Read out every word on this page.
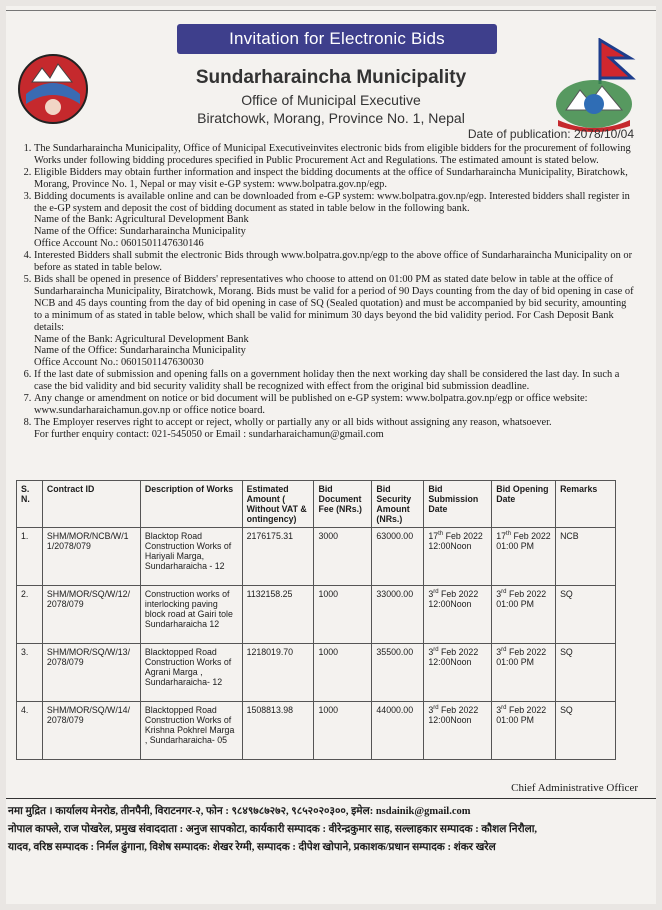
Invitation for Electronic Bids
Sundarharaincha Municipality
Office of Municipal Executive
Biratchowk, Morang, Province No. 1, Nepal
Date of publication: 2078/10/04
1. The Sundarharaincha Municipality, Office of Municipal Executiveinvites electronic bids from eligible bidders for the procurement of following Works under following bidding procedures specified in Public Procurement Act and Regulations. The estimated amount is stated below.
2. Eligible Bidders may obtain further information and inspect the bidding documents at the office of Sundarharaincha Municipality, Biratchowk, Morang, Province No. 1, Nepal or may visit e-GP system: www.bolpatra.gov.np/egp.
3. Bidding documents is available online and can be downloaded from e-GP system: www.bolpatra.gov.np/egp. Interested bidders shall register in the e-GP system and deposit the cost of bidding document as stated in table below in the following bank.
Name of the Bank: Agricultural Development Bank
Name of the Office: Sundarharaincha Municipality
Office Account No.: 0601501147630146
4. Interested Bidders shall submit the electronic Bids through www.bolpatra.gov.np/egp to the above office of Sundarharaincha Municipality on or before as stated in table below.
5. Bids shall be opened in presence of Bidders' representatives who choose to attend on 01:00 PM as stated date below in table at the office of Sundarharaincha Municipality, Biratchowk, Morang. Bids must be valid for a period of 90 Days counting from the day of bid opening in case of NCB and 45 days counting from the day of bid opening in case of SQ (Sealed quotation) and must be accompanied by bid security, amounting to a minimum of as stated in table below, which shall be valid for minimum 30 days beyond the bid validity period. For Cash Deposit Bank details:
Name of the Bank: Agricultural Development Bank
Name of the Office: Sundarharaincha Municipality
Office Account No.: 0601501147630030
6. If the last date of submission and opening falls on a government holiday then the next working day shall be considered the last day. In such a case the bid validity and bid security validity shall be recognized with effect from the original bid submission deadline.
7. Any change or amendment on notice or bid document will be published on e-GP system: www.bolpatra.gov.np/egp or office website: www.sundarharaichamun.gov.np or office notice board.
8. The Employer reserves right to accept or reject, wholly or partially any or all bids without assigning any reason, whatsoever.
For further enquiry contact: 021-545050 or Email : sundarharaichamun@gmail.com
S. N.	Contract ID	Description of Works	Estimated Amount ( Without VAT & ontingency)	Bid Document Fee (NRs.)	Bid Security Amount (NRs.)	Bid Submission Date	Bid Opening Date	Remarks
1.	SHM/MOR/NCB/W/1 1/2078/079	Blacktop Road Construction Works of Hariyali Marga, Sundarharaicha - 12	2176175.31	3000	63000.00	17th Feb 2022 12:00Noon	17th Feb 2022 01:00 PM	NCB
2.	SHM/MOR/SQ/W/12/ 2078/079	Construction works of interlocking paving block road at Gairi tole Sundarharaicha 12	1132158.25	1000	33000.00	3rd Feb 2022 12:00Noon	3rd Feb 2022 01:00 PM	SQ
3.	SHM/MOR/SQ/W/13/ 2078/079	Blacktopped Road Construction Works of Agrani Marga , Sundarharaicha- 12	1218019.70	1000	35500.00	3rd Feb 2022 12:00Noon	3rd Feb 2022 01:00 PM	SQ
4.	SHM/MOR/SQ/W/14/ 2078/079	Blacktopped Road Construction Works of Krishna Pokhrel Marga , Sundarharaicha- 05	1508813.98	1000	44000.00	3rd Feb 2022 12:00Noon	3rd Feb 2022 01:00 PM	SQ
Chief Administrative Officer
नमा मुद्रित । कार्यालय मेनरोड, तीनपैनी, विराटनगर-२, फोन : ९८४९७८७२७२, ९८५२०२०३००, इमेल: nsdainik@gmail.com
नोपाल काफ्ले, राज पोखरेल, प्रमुख संवाददाता : अनुज सापकोटा, कार्यकारी सम्पादक : वीरेन्द्रकुमार साह, सल्लाहकार सम्पादक : कौशल निरौला,
यादव, वरिष्ठ सम्पादक : निर्मल ढुंगाना, विशेष सम्पादक: शेखर रेग्मी, सम्पादक : दीपेश खोपाने, प्रकाशक/प्रधान सम्पादक : शंकर खरेल
